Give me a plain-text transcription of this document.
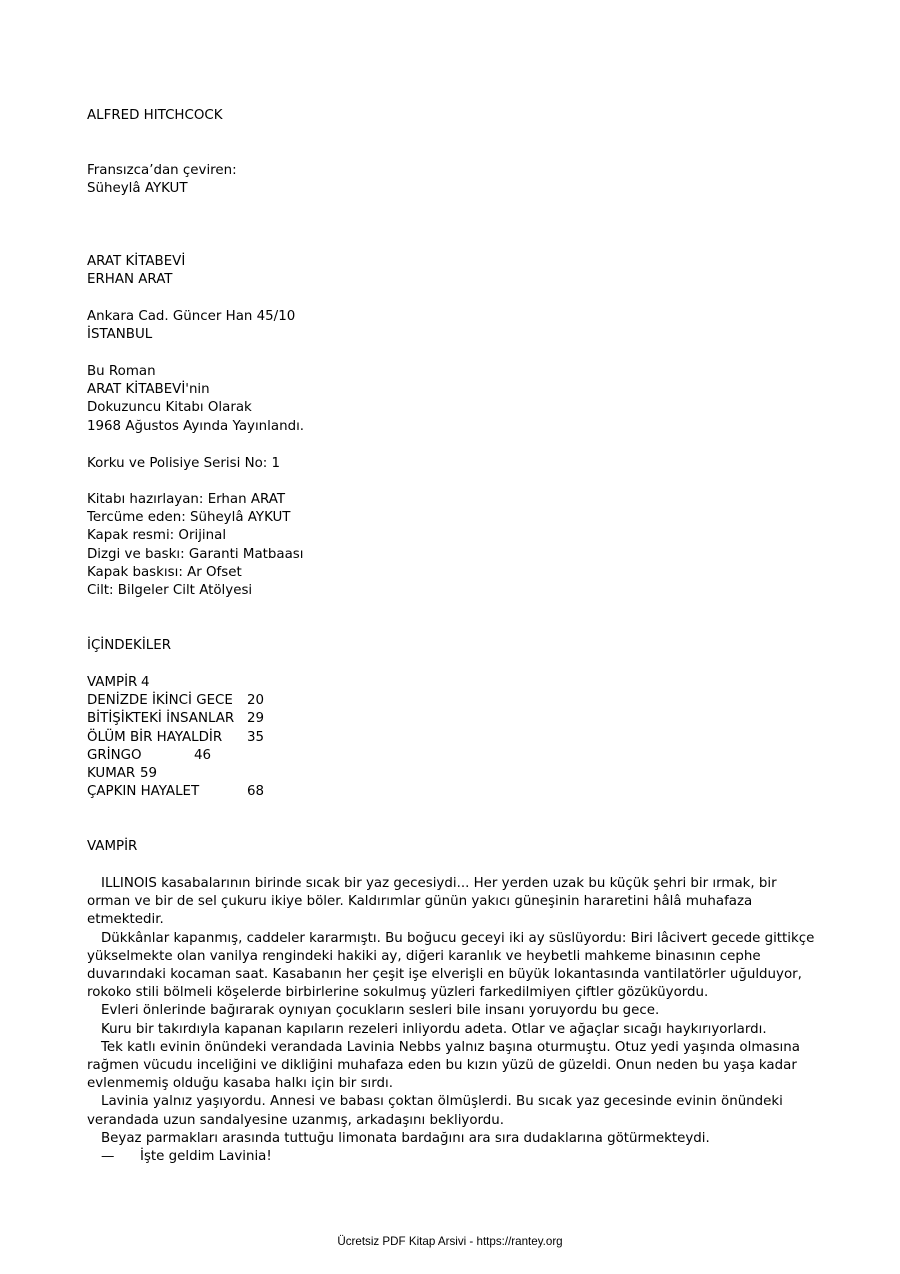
ALFRED HITCHCOCK
Fransızca’dan çeviren:
Süheylâ AYKUT
ARAT KİTABEVİ
ERHAN ARAT
Ankara Cad. Güncer Han 45/10
İSTANBUL
Bu Roman
ARAT KİTABEVİ'nin
Dokuzuncu Kitabı Olarak
1968 Ağustos Ayında Yayınlandı.
Korku ve Polisiye Serisi No: 1
Kitabı hazırlayan: Erhan ARAT
Tercüme eden: Süheylâ AYKUT
Kapak resmi: Orijinal
Dizgi ve baskı: Garanti Matbaası
Kapak baskısı: Ar Ofset
Cilt: Bilgeler Cilt Atölyesi
İÇİNDEKİLER
VAMPİR 4
DENİZDE İKİNCİ GECE 20
BİTİŞİKTEKİ İNSANLAR 29
ÖLÜM BİR HAYALDİR 35
GRİNGO	46
KUMAR 59
ÇAPKIN HAYALET	68
VAMPİR
ILLINOIS kasabalarının birinde sıcak bir yaz gecesiydi... Her yerden uzak bu küçük şehri bir ırmak, bir orman ve bir de sel çukuru ikiye böler. Kaldırımlar günün yakıcı güneşinin hararetini hâlâ muhafaza etmektedir.
Dükkânlar kapanmış, caddeler kararmıştı. Bu boğucu geceyi iki ay süslüyordu: Biri lâcivert gecede gittikçe yükselmekte olan vanilya rengindeki hakiki ay, diğeri karanlık ve heybetli mahkeme binasının cephe duvarındaki kocaman saat. Kasabanın her çeşit işe elverişli en büyük lokantasında vantilatörler uğulduyor, rokoko stili bölmeli köşelerde birbirlerine sokulmuş yüzleri farkedilmiyen çiftler gözüküyordu.
Evleri önlerinde bağırarak oynıyan çocukların sesleri bile insanı yoruyordu bu gece.
Kuru bir takırdıyla kapanan kapıların rezeleri inliyordu adeta. Otlar ve ağaçlar sıcağı haykırıyorlardı.
Tek katlı evinin önündeki verandada Lavinia Nebbs yalnız başına oturmuştu. Otuz yedi yaşında olmasına rağmen vücudu inceliğini ve dikliğini muhafaza eden bu kızın yüzü de güzeldi. Onun neden bu yaşa kadar evlenmemiş olduğu kasaba halkı için bir sırdı.
Lavinia yalnız yaşıyordu. Annesi ve babası çoktan ölmüşlerdi. Bu sıcak yaz gecesinde evinin önündeki verandada uzun sandalyesine uzanmış, arkadaşını bekliyordu.
Beyaz parmakları arasında tuttuğu limonata bardağını ara sıra dudaklarına götürmekteydi.
— İşte geldim Lavinia!
Ücretsiz PDF Kitap Arsivi - https://rantey.org
